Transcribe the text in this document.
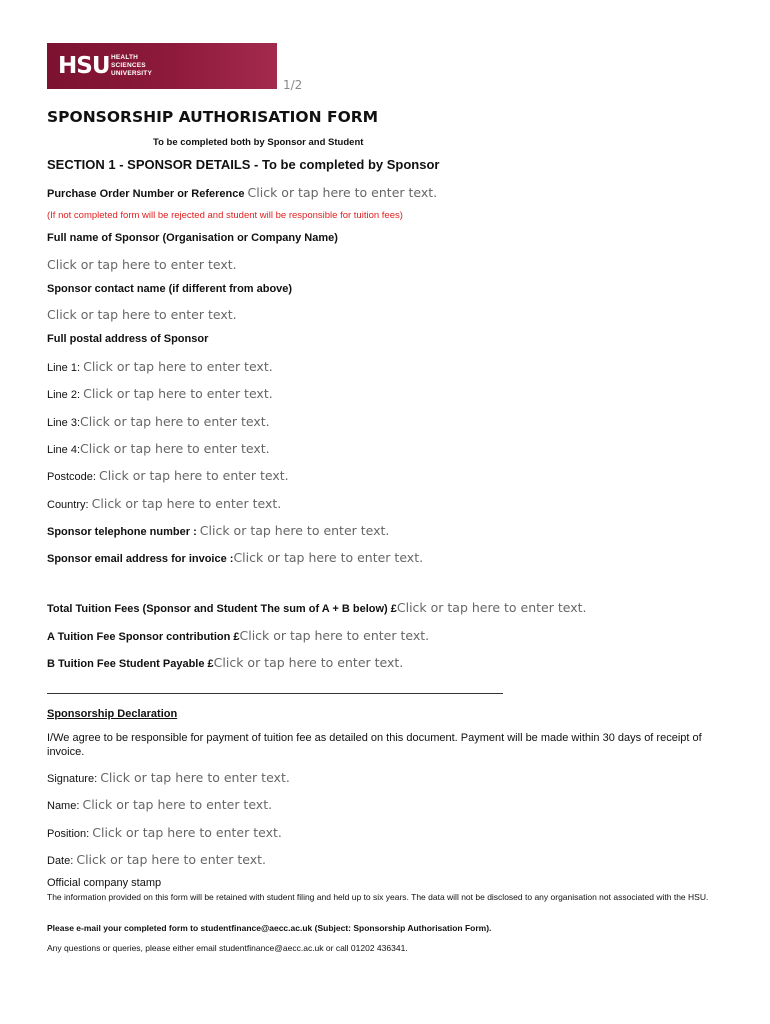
HSU HEALTH
SCIENCES
UNIVERSITY
1/2
SPONSORSHIP AUTHORISATION FORM
To be completed both by Sponsor and Student
SECTION 1 - SPONSOR DETAILS - To be completed by Sponsor
Purchase Order Number or Reference Click or tap here to enter text.
(If not completed form will be rejected and student will be responsible for tuition fees)
Full name of Sponsor (Organisation or Company Name)
Click or tap here to enter text.
Sponsor contact name (if different from above)
Click or tap here to enter text.
Full postal address of Sponsor
Line 1: Click or tap here to enter text.
Line 2: Click or tap here to enter text.
Line 3:Click or tap here to enter text.
Line 4:Click or tap here to enter text.
Postcode: Click or tap here to enter text.
Country: Click or tap here to enter text.
Sponsor telephone number : Click or tap here to enter text.
Sponsor email address for invoice :Click or tap here to enter text.
Total Tuition Fees (Sponsor and Student The sum of A + B below) £Click or tap here to enter text.
A Tuition Fee Sponsor contribution £Click or tap here to enter text.
B Tuition Fee Student Payable £Click or tap here to enter text.
Sponsorship Declaration
I/We agree to be responsible for payment of tuition fee as detailed on this document. Payment will be made within 30 days of receipt of invoice.
Signature: Click or tap here to enter text.
Name: Click or tap here to enter text.
Position: Click or tap here to enter text.
Date: Click or tap here to enter text.
Official company stamp
The information provided on this form will be retained with student filing and held up to six years. The data will not be disclosed to any organisation not associated with the HSU.
Please e-mail your completed form to studentfinance@aecc.ac.uk (Subject: Sponsorship Authorisation Form).
Any questions or queries, please either email studentfinance@aecc.ac.uk or call 01202 436341.
